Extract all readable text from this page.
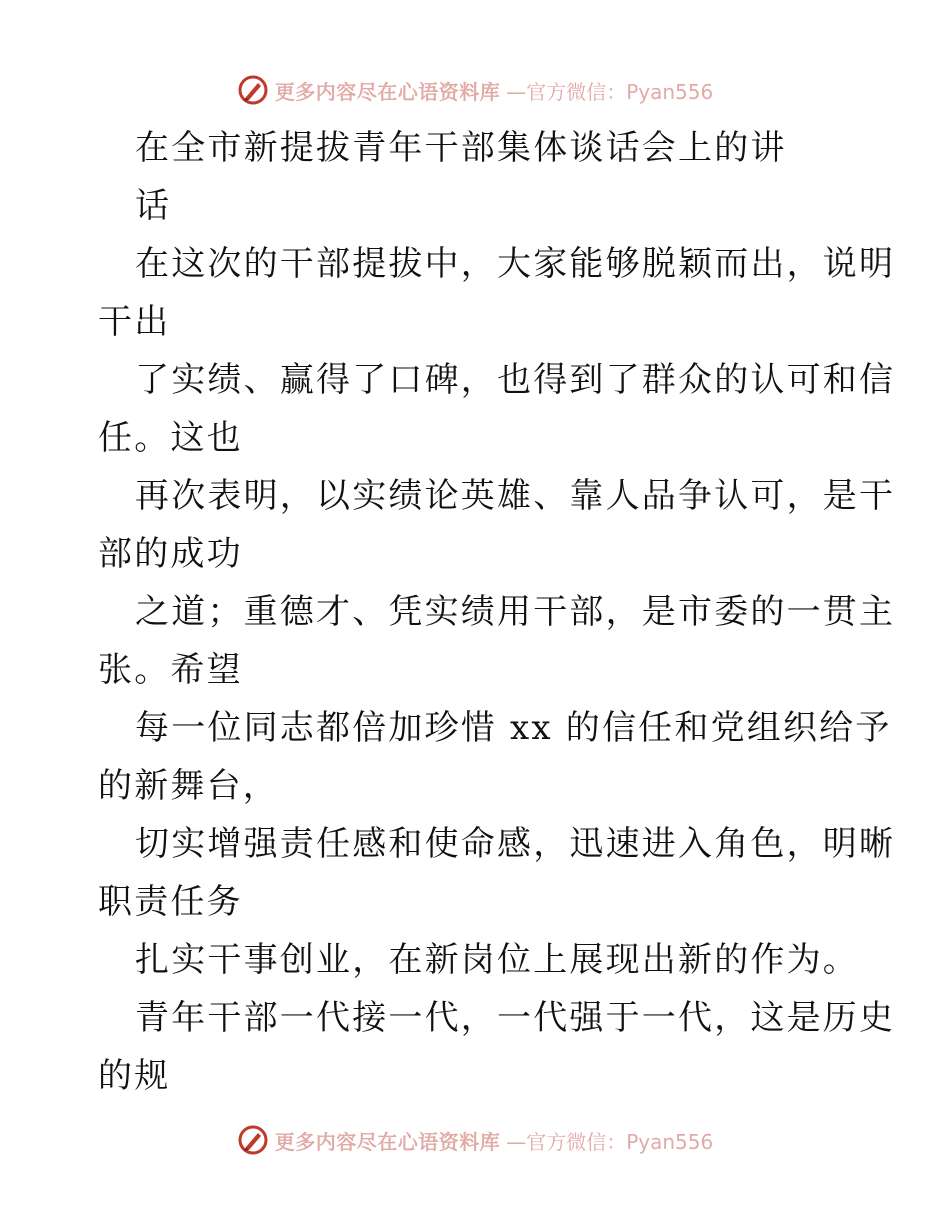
更多内容尽在心语资料库 —官方微信：Pyan556
在全市新提拔青年干部集体谈话会上的讲
话
在这次的干部提拔中，大家能够脱颖而出，说明
干出
了实绩、赢得了口碑，也得到了群众的认可和信
任。这也
再次表明，以实绩论英雄、靠人品争认可，是干
部的成功
之道；重德才、凭实绩用干部，是市委的一贯主
张。希望
每一位同志都倍加珍惜 xx 的信任和党组织给予
的新舞台，
切实增强责任感和使命感，迅速进入角色，明晰
职责任务
扎实干事创业，在新岗位上展现出新的作为。
青年干部一代接一代，一代强于一代，这是历史
的规
更多内容尽在心语资料库 —官方微信：Pyan556
